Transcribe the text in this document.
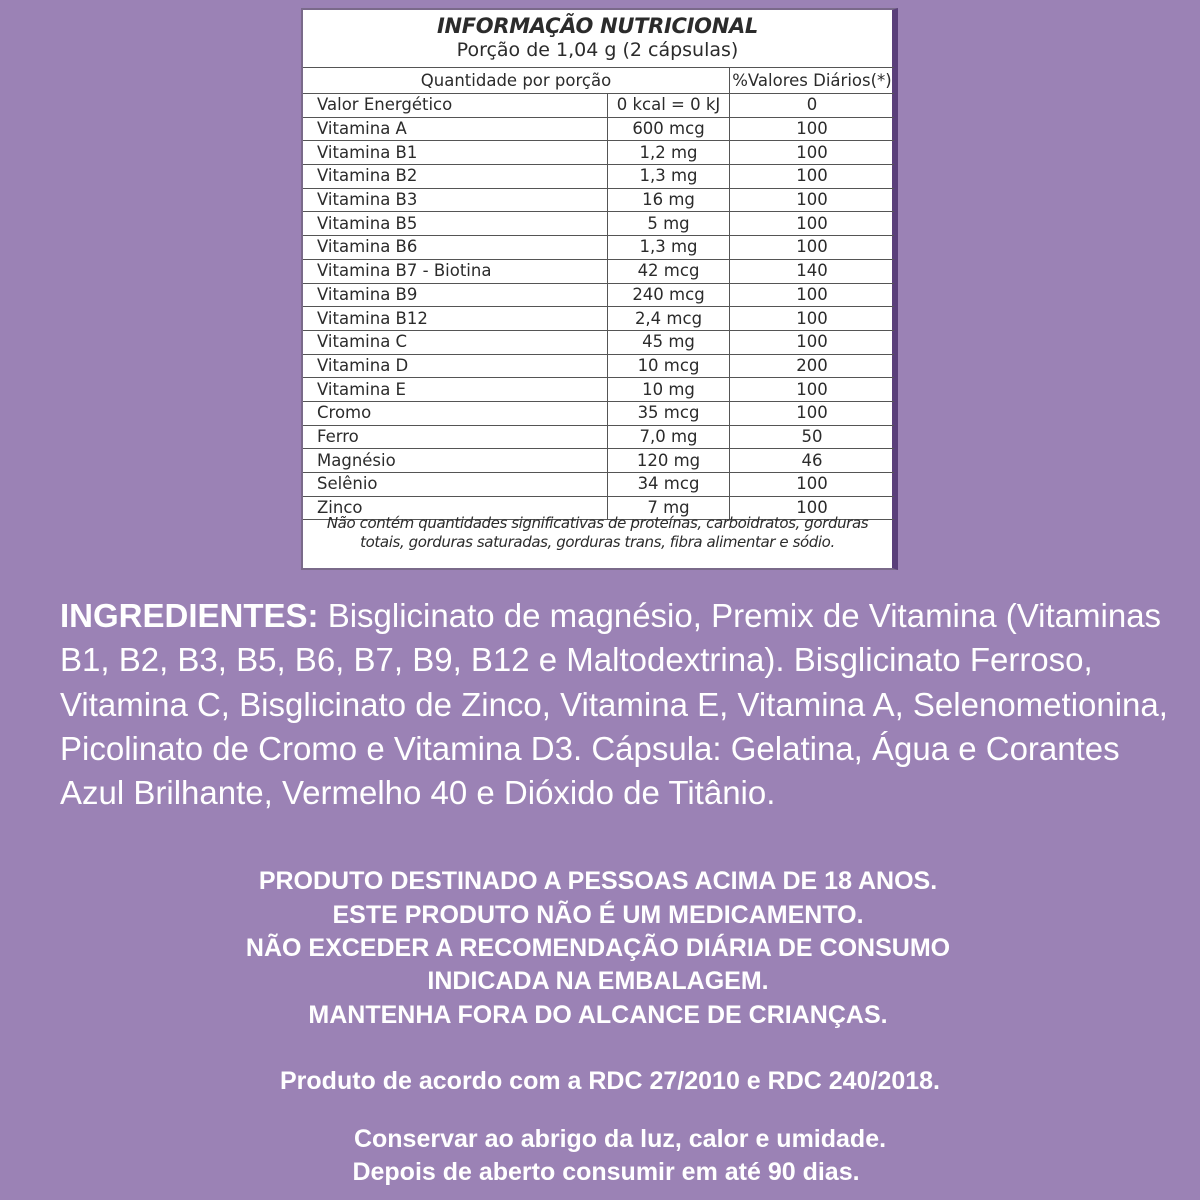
INFORMAÇÃO NUTRICIONAL
Porção de 1,04 g (2 cápsulas)
Quantidade por porção		%Valores Diários(*)
Valor Energético	0 kcal = 0 kJ	0
Vitamina A	600 mcg	100
Vitamina B1	1,2 mg	100
Vitamina B2	1,3 mg	100
Vitamina B3	16 mg	100
Vitamina B5	5 mg	100
Vitamina B6	1,3 mg	100
Vitamina B7 - Biotina	42 mcg	140
Vitamina B9	240 mcg	100
Vitamina B12	2,4 mcg	100
Vitamina C	45 mg	100
Vitamina D	10 mcg	200
Vitamina E	10 mg	100
Cromo	35 mcg	100
Ferro	7,0 mg	50
Magnésio	120 mg	46
Selênio	34 mcg	100
Zinco	7 mg	100
Não contém quantidades significativas de proteínas, carboidratos, gorduras
totais, gorduras saturadas, gorduras trans, fibra alimentar e sódio.

INGREDIENTES: Bisglicinato de magnésio, Premix de Vitamina (Vitaminas B1, B2, B3, B5, B6, B7, B9, B12 e Maltodextrina). Bisglicinato Ferroso, Vitamina C, Bisglicinato de Zinco, Vitamina E, Vitamina A, Selenometionina, Picolinato de Cromo e Vitamina D3. Cápsula: Gelatina, Água e Corantes Azul Brilhante, Vermelho 40 e Dióxido de Titânio.

PRODUTO DESTINADO A PESSOAS ACIMA DE 18 ANOS.

ESTE PRODUTO NÃO É UM MEDICAMENTO.

NÃO EXCEDER A RECOMENDAÇÃO DIÁRIA DE CONSUMO

INDICADA NA EMBALAGEM.

MANTENHA FORA DO ALCANCE DE CRIANÇAS.

Produto de acordo com a RDC 27/2010 e RDC 240/2018.

Conservar ao abrigo da luz, calor e umidade.

Depois de aberto consumir em até 90 dias.
